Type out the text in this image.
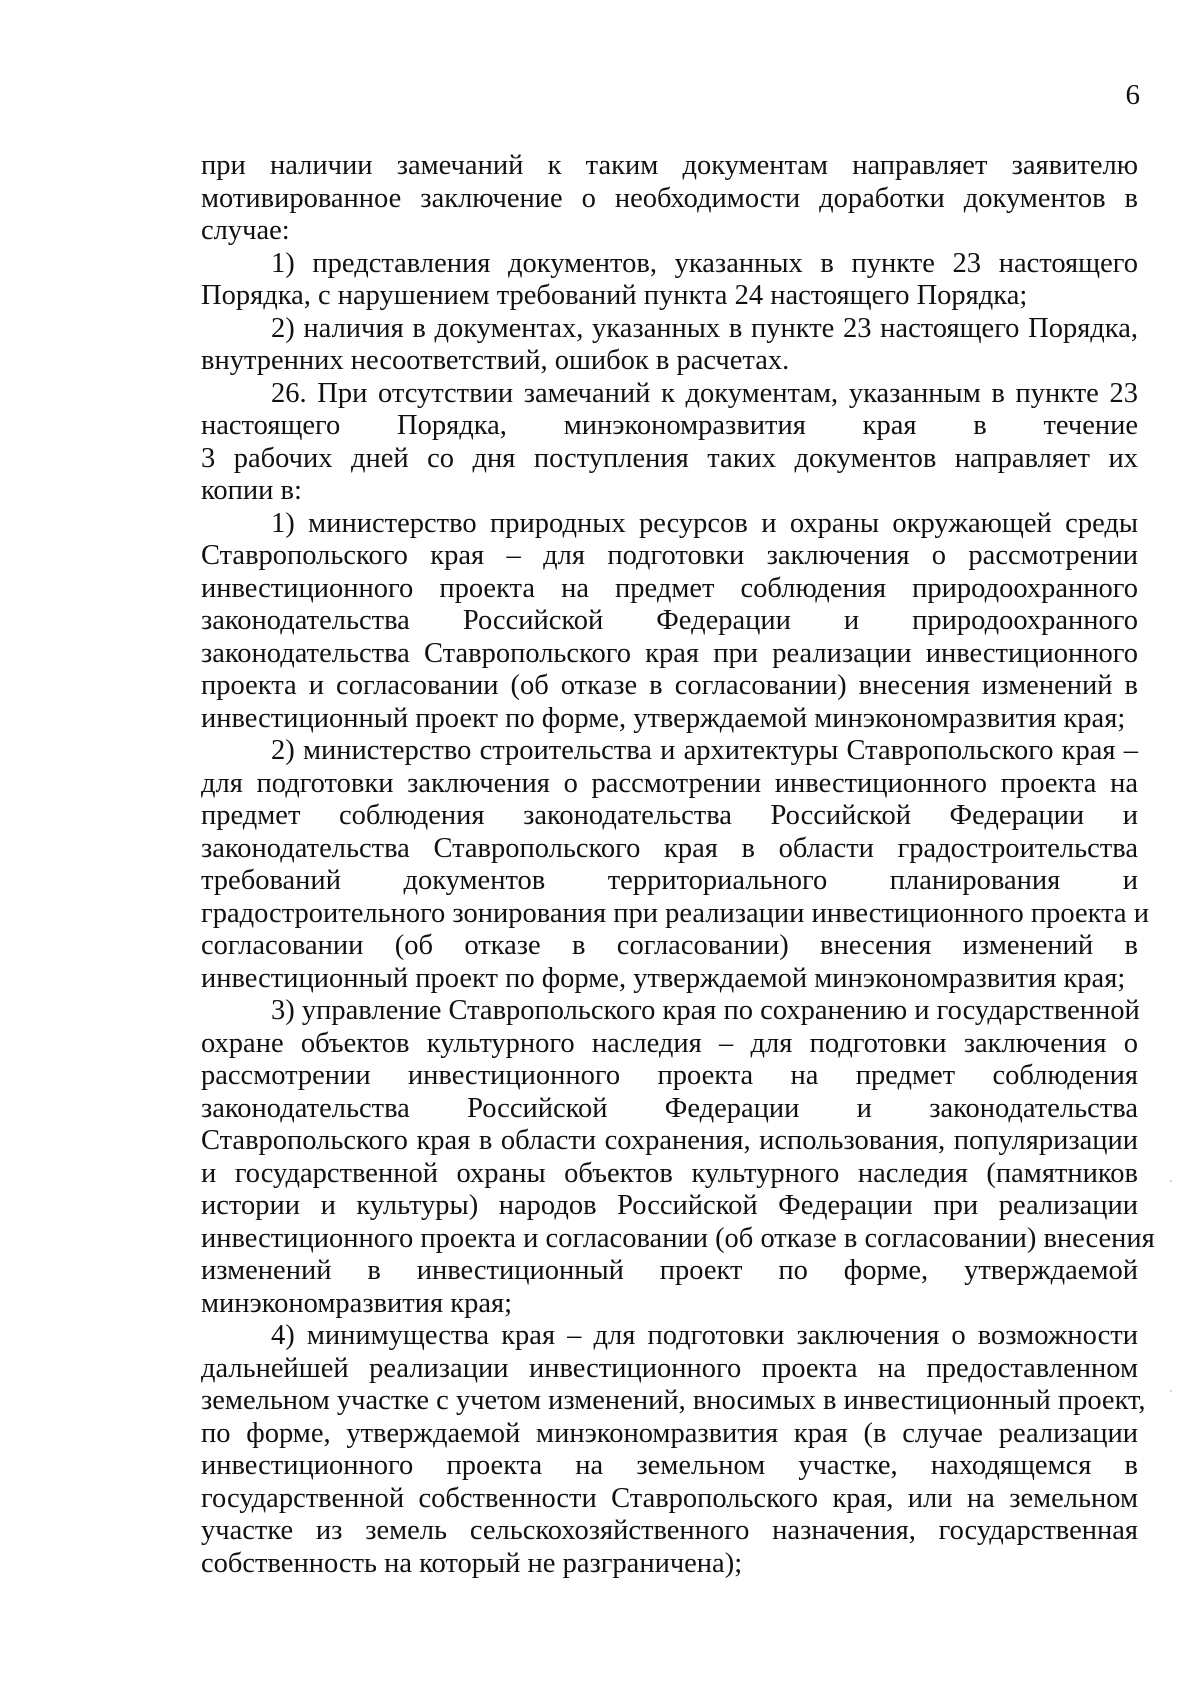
6
при наличии замечаний к таким документам направляет заявителю
мотивированное заключение о необходимости доработки документов в
случае:
1) представления документов, указанных в пункте 23 настоящего
Порядка, с нарушением требований пункта 24 настоящего Порядка;
2) наличия в документах, указанных в пункте 23 настоящего Порядка,
внутренних несоответствий, ошибок в расчетах.
26. При отсутствии замечаний к документам, указанным в пункте 23
настоящего Порядка, минэкономразвития края в течение
3 рабочих дней со дня поступления таких документов направляет их
копии в:
1) министерство природных ресурсов и охраны окружающей среды
Ставропольского края – для подготовки заключения о рассмотрении
инвестиционного проекта на предмет соблюдения природоохранного
законодательства Российской Федерации и природоохранного
законодательства Ставропольского края при реализации инвестиционного
проекта и согласовании (об отказе в согласовании) внесения изменений в
инвестиционный проект по форме, утверждаемой минэкономразвития края;
2) министерство строительства и архитектуры Ставропольского края –
для подготовки заключения о рассмотрении инвестиционного проекта на
предмет соблюдения законодательства Российской Федерации и
законодательства Ставропольского края в области градостроительства
требований документов территориального планирования и
градостроительного зонирования при реализации инвестиционного проекта и
согласовании (об отказе в согласовании) внесения изменений в
инвестиционный проект по форме, утверждаемой минэкономразвития края;
3) управление Ставропольского края по сохранению и государственной
охране объектов культурного наследия – для подготовки заключения о
рассмотрении инвестиционного проекта на предмет соблюдения
законодательства Российской Федерации и законодательства
Ставропольского края в области сохранения, использования, популяризации
и государственной охраны объектов культурного наследия (памятников
истории и культуры) народов Российской Федерации при реализации
инвестиционного проекта и согласовании (об отказе в согласовании) внесения
изменений в инвестиционный проект по форме, утверждаемой
минэкономразвития края;
4) минимущества края – для подготовки заключения о возможности
дальнейшей реализации инвестиционного проекта на предоставленном
земельном участке с учетом изменений, вносимых в инвестиционный проект,
по форме, утверждаемой минэкономразвития края (в случае реализации
инвестиционного проекта на земельном участке, находящемся в
государственной собственности Ставропольского края, или на земельном
участке из земель сельскохозяйственного назначения, государственная
собственность на который не разграничена);
